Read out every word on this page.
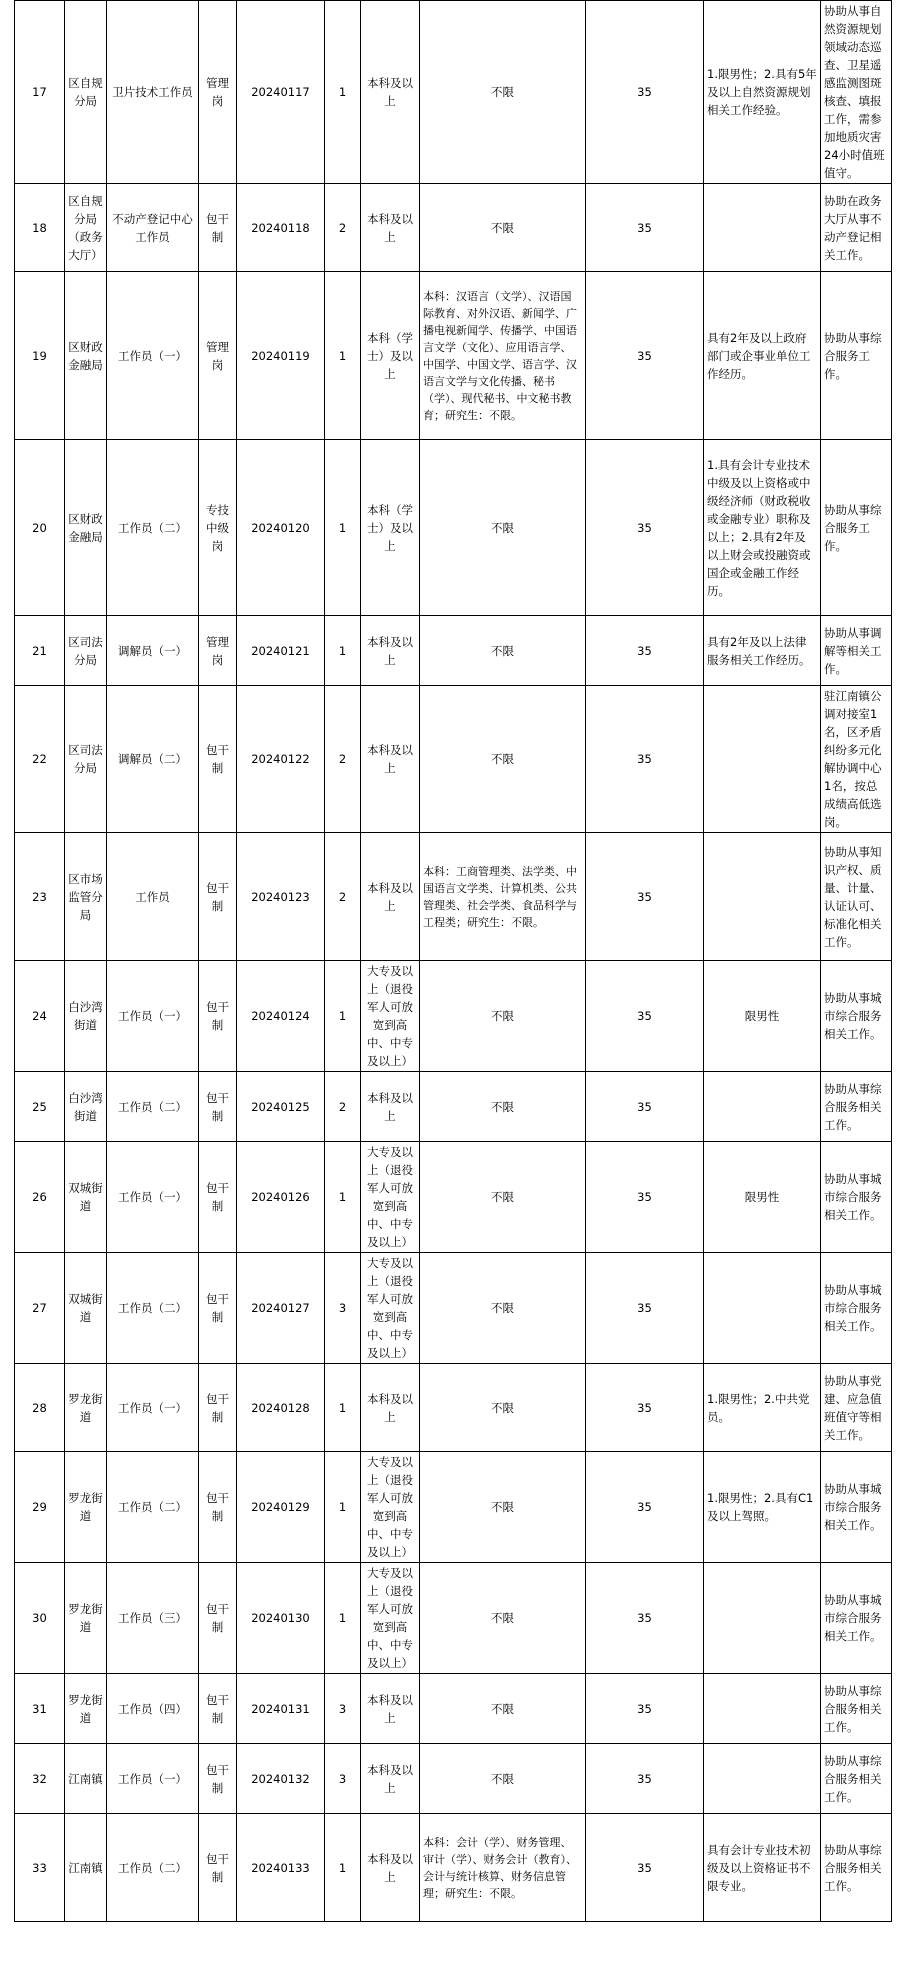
17	区自规分局	卫片技术工作员	管理岗	20240117	1	本科及以上	不限	35	1.限男性；2.具有5年及以上自然资源规划相关工作经验。	协助从事自然资源规划领域动态巡查、卫星遥感监测图斑核查、填报工作，需参加地质灾害24小时值班值守。
18	区自规分局（政务大厅）	不动产登记中心工作员	包干制	20240118	2	本科及以上	不限	35		协助在政务大厅从事不动产登记相关工作。
19	区财政金融局	工作员（一）	管理岗	20240119	1	本科（学士）及以上	本科：汉语言（文学）、汉语国际教育、对外汉语、新闻学、广播电视新闻学、传播学、中国语言文学（文化）、应用语言学、中国学、中国文学、语言学、汉语言文学与文化传播、秘书（学）、现代秘书、中文秘书教育；研究生：不限。	35	具有2年及以上政府部门或企事业单位工作经历。	协助从事综合服务工作。
20	区财政金融局	工作员（二）	专技中级岗	20240120	1	本科（学士）及以上	不限	35	1.具有会计专业技术中级及以上资格或中级经济师（财政税收或金融专业）职称及以上；2.具有2年及以上财会或投融资或国企或金融工作经历。	协助从事综合服务工作。
21	区司法分局	调解员（一）	管理岗	20240121	1	本科及以上	不限	35	具有2年及以上法律服务相关工作经历。	协助从事调解等相关工作。
22	区司法分局	调解员（二）	包干制	20240122	2	本科及以上	不限	35		驻江南镇公调对接室1名，区矛盾纠纷多元化解协调中心1名，按总成绩高低选岗。
23	区市场监管分局	工作员	包干制	20240123	2	本科及以上	本科：工商管理类、法学类、中国语言文学类、计算机类、公共管理类、社会学类、食品科学与工程类；研究生：不限。	35		协助从事知识产权、质量、计量、认证认可、标准化相关工作。
24	白沙湾街道	工作员（一）	包干制	20240124	1	大专及以上（退役军人可放宽到高中、中专及以上）	不限	35	限男性	协助从事城市综合服务相关工作。
25	白沙湾街道	工作员（二）	包干制	20240125	2	本科及以上	不限	35		协助从事综合服务相关工作。
26	双城街道	工作员（一）	包干制	20240126	1	大专及以上（退役军人可放宽到高中、中专及以上）	不限	35	限男性	协助从事城市综合服务相关工作。
27	双城街道	工作员（二）	包干制	20240127	3	大专及以上（退役军人可放宽到高中、中专及以上）	不限	35		协助从事城市综合服务相关工作。
28	罗龙街道	工作员（一）	包干制	20240128	1	本科及以上	不限	35	1.限男性；2.中共党员。	协助从事党建、应急值班值守等相关工作。
29	罗龙街道	工作员（二）	包干制	20240129	1	大专及以上（退役军人可放宽到高中、中专及以上）	不限	35	1.限男性；2.具有C1及以上驾照。	协助从事城市综合服务相关工作。
30	罗龙街道	工作员（三）	包干制	20240130	1	大专及以上（退役军人可放宽到高中、中专及以上）	不限	35		协助从事城市综合服务相关工作。
31	罗龙街道	工作员（四）	包干制	20240131	3	本科及以上	不限	35		协助从事综合服务相关工作。
32	江南镇	工作员（一）	包干制	20240132	3	本科及以上	不限	35		协助从事综合服务相关工作。
33	江南镇	工作员（二）	包干制	20240133	1	本科及以上	本科：会计（学）、财务管理、审计（学）、财务会计（教育）、会计与统计核算、财务信息管理；研究生：不限。	35	具有会计专业技术初级及以上资格证书不限专业。	协助从事综合服务相关工作。
